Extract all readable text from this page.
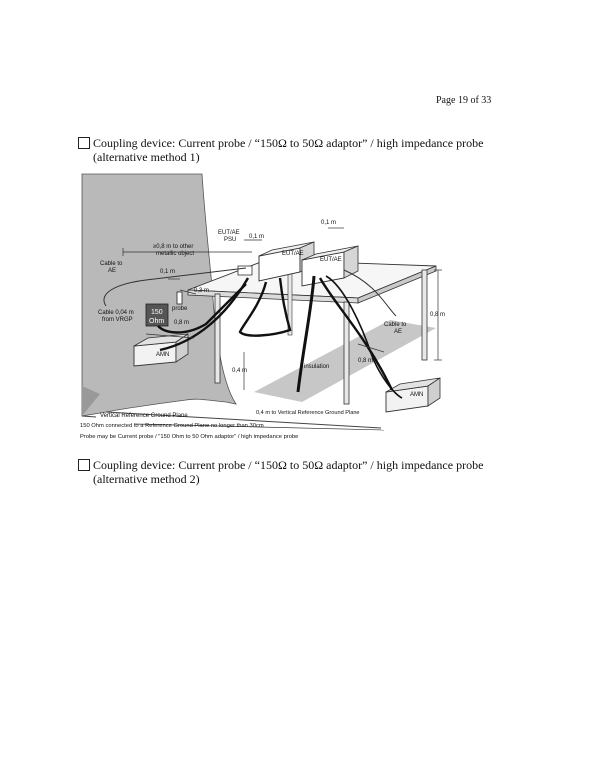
Page 19 of 33
Coupling device: Current probe / “150Ω to 50Ω adaptor” / high impedance probe
(alternative method 1)
EUT/AE
PSU 0,1 m
0,1 m
≥0,8 m to other
metallic object	EUT/AE
EUT/AE
Cable to
AE	0,1 m
0,3 m
probe
Cable 0,04 m
from VRGP
150
Ohm 0,8 m
AMN
0,8 m
Cable to
AE
insulation
0,8 m
0,4 m
AMN
0,4 m to Vertical Reference Ground Plane
Vertical Reference Ground Plane
150 Ohm connected to a Reference Ground Plane no longer than 30cm
Probe may be Current probe / "150 Ohm to 50 Ohm adaptor" / high impedance probe
Coupling device: Current probe / “150Ω to 50Ω adaptor” / high impedance probe
(alternative method 2)
